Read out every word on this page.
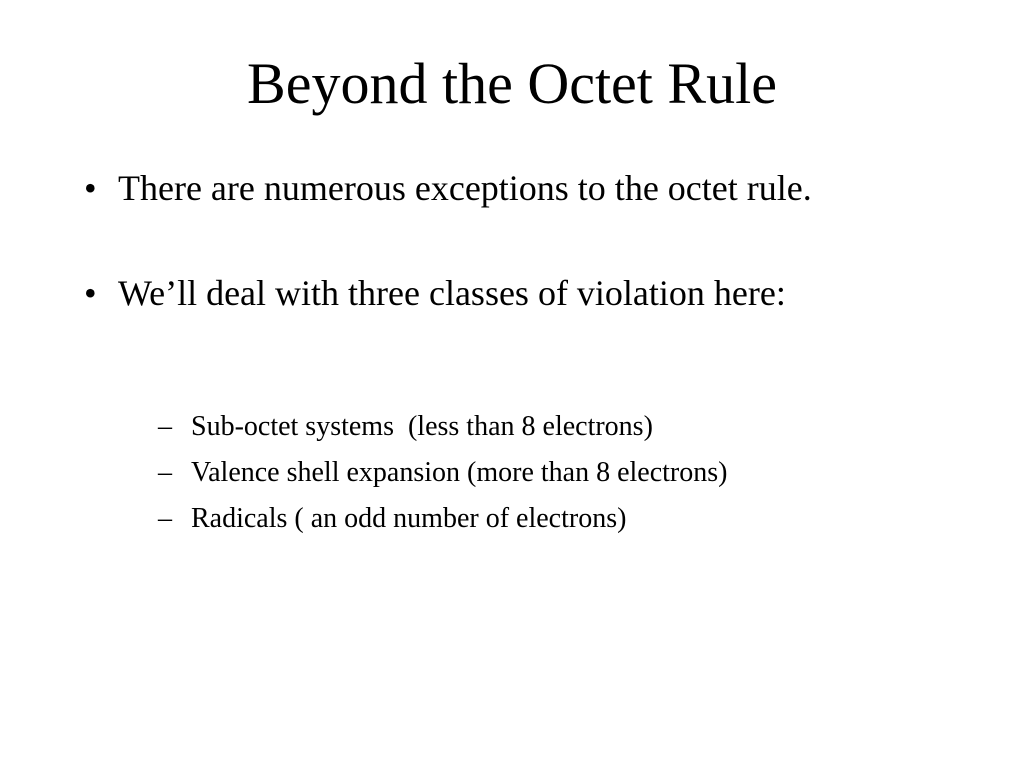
Beyond the Octet Rule
• There are numerous exceptions to the octet rule.
• We’ll deal with three classes of violation here:

– Sub-octet systems  (less than 8 electrons)

– Valence shell expansion (more than 8 electrons)

– Radicals ( an odd number of electrons)
